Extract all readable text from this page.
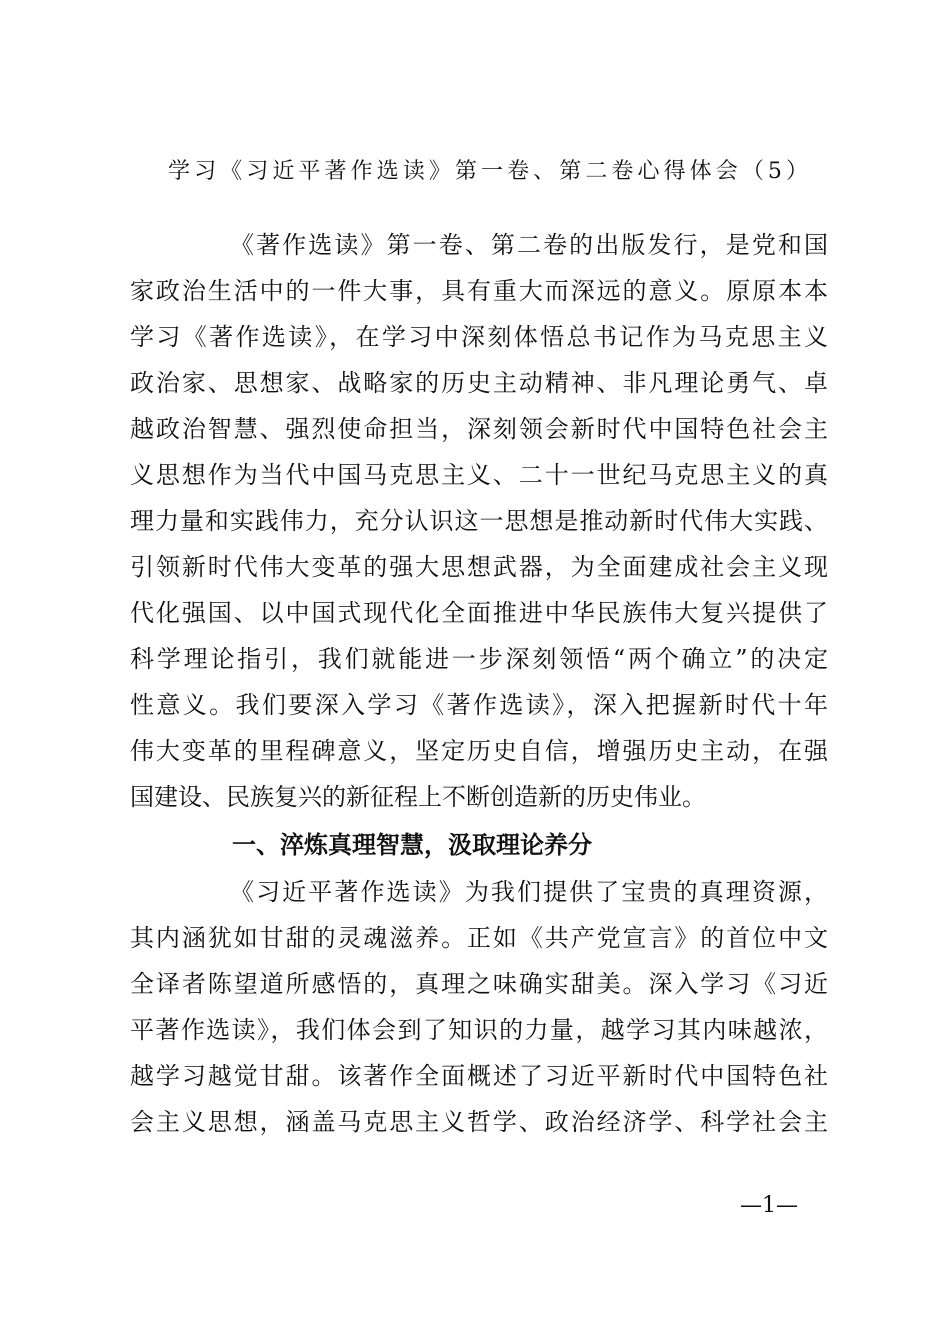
学习《习近平著作选读》第一卷、第二卷心得体会（5）
《著作选读》第一卷、第二卷的出版发行，是党和国
家政治生活中的一件大事，具有重大而深远的意义。原原本本
学习《著作选读》，在学习中深刻体悟总书记作为马克思主义
政治家、思想家、战略家的历史主动精神、非凡理论勇气、卓
越政治智慧、强烈使命担当，深刻领会新时代中国特色社会主
义思想作为当代中国马克思主义、二十一世纪马克思主义的真
理力量和实践伟力，充分认识这一思想是推动新时代伟大实践、
引领新时代伟大变革的强大思想武器，为全面建成社会主义现
代化强国、以中国式现代化全面推进中华民族伟大复兴提供了
科学理论指引，我们就能进一步深刻领悟“两个确立”的决定
性意义。我们要深入学习《著作选读》，深入把握新时代十年
伟大变革的里程碑意义，坚定历史自信，增强历史主动，在强
国建设、民族复兴的新征程上不断创造新的历史伟业。
一、淬炼真理智慧，汲取理论养分
《习近平著作选读》为我们提供了宝贵的真理资源，
其内涵犹如甘甜的灵魂滋养。正如《共产党宣言》的首位中文
全译者陈望道所感悟的，真理之味确实甜美。深入学习《习近
平著作选读》，我们体会到了知识的力量，越学习其内味越浓，
越学习越觉甘甜。该著作全面概述了习近平新时代中国特色社
会主义思想，涵盖马克思主义哲学、政治经济学、科学社会主
—1—
